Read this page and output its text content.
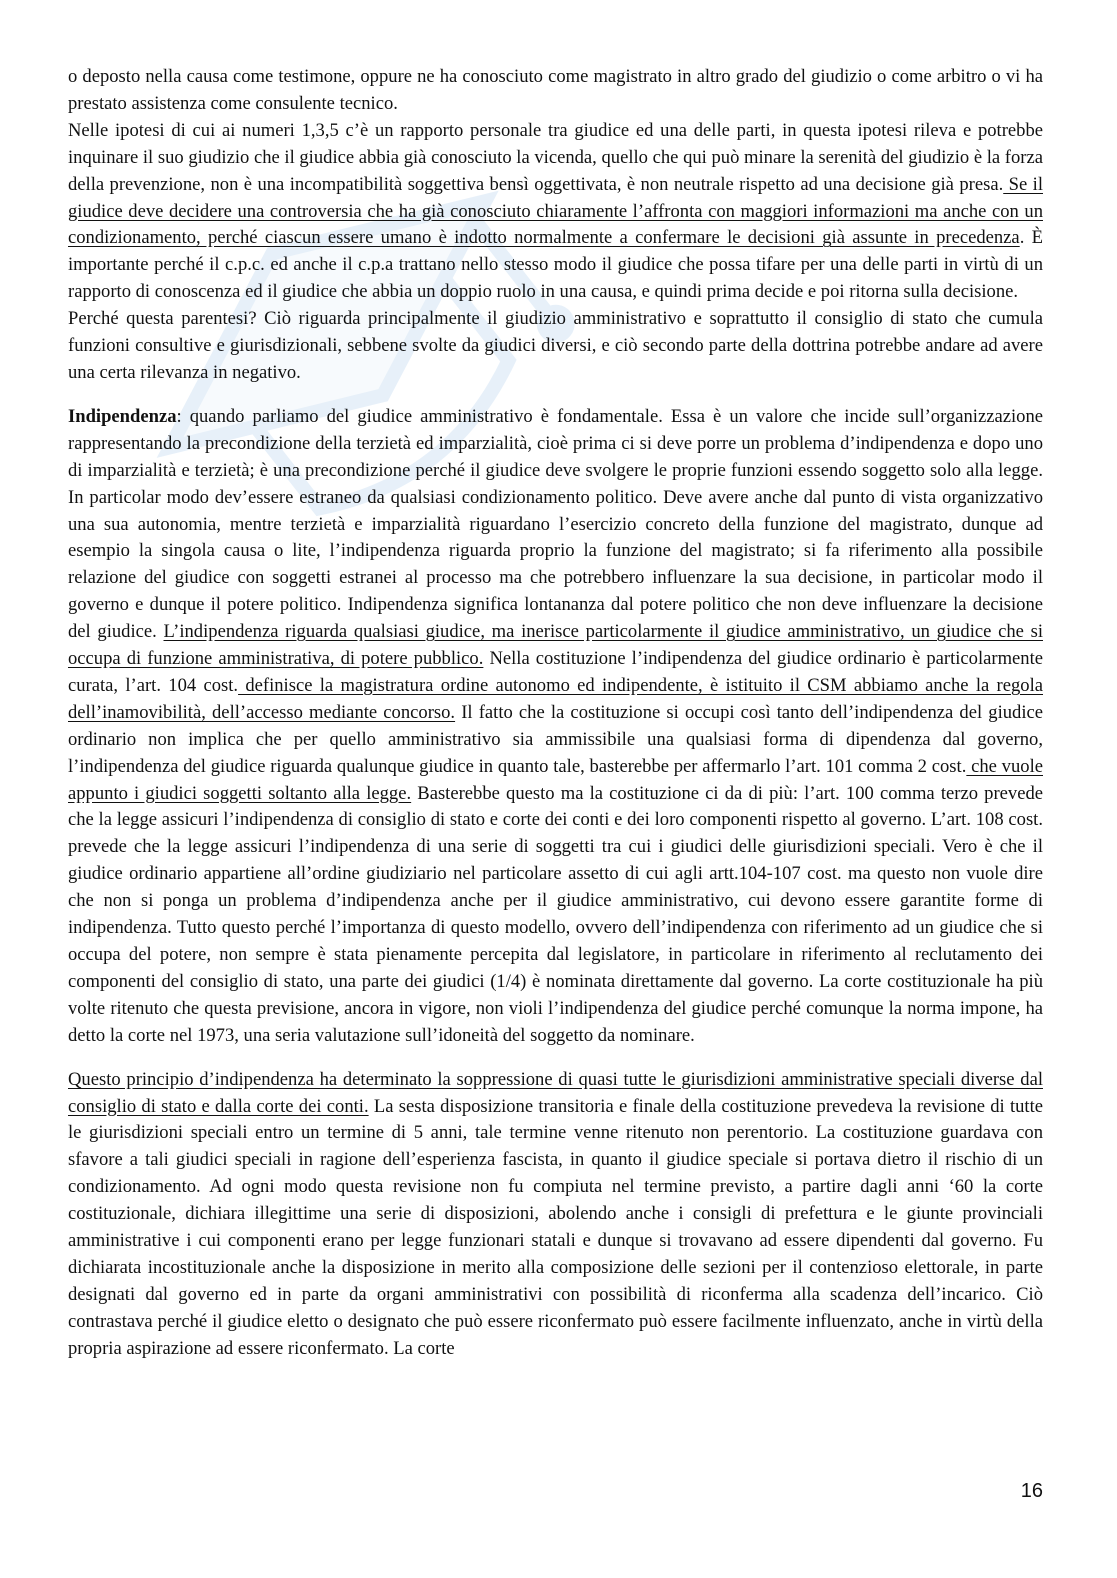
o deposto nella causa come testimone, oppure ne ha conosciuto come magistrato in altro grado del giudizio o come arbitro o vi ha prestato assistenza come consulente tecnico.

Nelle ipotesi di cui ai numeri 1,3,5 c’è un rapporto personale tra giudice ed una delle parti, in questa ipotesi rileva e potrebbe inquinare il suo giudizio che il giudice abbia già conosciuto la vicenda, quello che qui può minare la serenità del giudizio è la forza della prevenzione, non è una incompatibilità soggettiva bensì oggettivata, è non neutrale rispetto ad una decisione già presa. Se il giudice deve decidere una controversia che ha già conosciuto chiaramente l’affronta con maggiori informazioni ma anche con un condizionamento, perché ciascun essere umano è indotto normalmente a confermare le decisioni già assunte in precedenza. È importante perché il c.p.c. ed anche il c.p.a trattano nello stesso modo il giudice che possa tifare per una delle parti in virtù di un rapporto di conoscenza ed il giudice che abbia un doppio ruolo in una causa, e quindi prima decide e poi ritorna sulla decisione.

Perché questa parentesi? Ciò riguarda principalmente il giudizio amministrativo e soprattutto il consiglio di stato che cumula funzioni consultive e giurisdizionali, sebbene svolte da giudici diversi, e ciò secondo parte della dottrina potrebbe andare ad avere una certa rilevanza in negativo.

Indipendenza: quando parliamo del giudice amministrativo è fondamentale. Essa è un valore che incide sull’organizzazione rappresentando la precondizione della terzietà ed imparzialità, cioè prima ci si deve porre un problema d’indipendenza e dopo uno di imparzialità e terzietà; è una precondizione perché il giudice deve svolgere le proprie funzioni essendo soggetto solo alla legge. In particolar modo dev’essere estraneo da qualsiasi condizionamento politico. Deve avere anche dal punto di vista organizzativo una sua autonomia, mentre terzietà e imparzialità riguardano l’esercizio concreto della funzione del magistrato, dunque ad esempio la singola causa o lite, l’indipendenza riguarda proprio la funzione del magistrato; si fa riferimento alla possibile relazione del giudice con soggetti estranei al processo ma che potrebbero influenzare la sua decisione, in particolar modo il governo e dunque il potere politico. Indipendenza significa lontananza dal potere politico che non deve influenzare la decisione del giudice. L’indipendenza riguarda qualsiasi giudice, ma inerisce particolarmente il giudice amministrativo, un giudice che si occupa di funzione amministrativa, di potere pubblico. Nella costituzione l’indipendenza del giudice ordinario è particolarmente curata, l’art. 104 cost. definisce la magistratura ordine autonomo ed indipendente, è istituito il CSM abbiamo anche la regola dell’inamovibilità, dell’accesso mediante concorso. Il fatto che la costituzione si occupi così tanto dell’indipendenza del giudice ordinario non implica che per quello amministrativo sia ammissibile una qualsiasi forma di dipendenza dal governo, l’indipendenza del giudice riguarda qualunque giudice in quanto tale, basterebbe per affermarlo l’art. 101 comma 2 cost. che vuole appunto i giudici soggetti soltanto alla legge. Basterebbe questo ma la costituzione ci da di più: l’art. 100 comma terzo prevede che la legge assicuri l’indipendenza di consiglio di stato e corte dei conti e dei loro componenti rispetto al governo. L’art. 108 cost. prevede che la legge assicuri l’indipendenza di una serie di soggetti tra cui i giudici delle giurisdizioni speciali. Vero è che il giudice ordinario appartiene all’ordine giudiziario nel particolare assetto di cui agli artt.104-107 cost. ma questo non vuole dire che non si ponga un problema d’indipendenza anche per il giudice amministrativo, cui devono essere garantite forme di indipendenza. Tutto questo perché l’importanza di questo modello, ovvero dell’indipendenza con riferimento ad un giudice che si occupa del potere, non sempre è stata pienamente percepita dal legislatore, in particolare in riferimento al reclutamento dei componenti del consiglio di stato, una parte dei giudici (1/4) è nominata direttamente dal governo. La corte costituzionale ha più volte ritenuto che questa previsione, ancora in vigore, non violi l’indipendenza del giudice perché comunque la norma impone, ha detto la corte nel 1973, una seria valutazione sull’idoneità del soggetto da nominare.

Questo principio d’indipendenza ha determinato la soppressione di quasi tutte le giurisdizioni amministrative speciali diverse dal consiglio di stato e dalla corte dei conti. La sesta disposizione transitoria e finale della costituzione prevedeva la revisione di tutte le giurisdizioni speciali entro un termine di 5 anni, tale termine venne ritenuto non perentorio. La costituzione guardava con sfavore a tali giudici speciali in ragione dell’esperienza fascista, in quanto il giudice speciale si portava dietro il rischio di un condizionamento. Ad ogni modo questa revisione non fu compiuta nel termine previsto, a partire dagli anni ‘60 la corte costituzionale, dichiara illegittime una serie di disposizioni, abolendo anche i consigli di prefettura e le giunte provinciali amministrative i cui componenti erano per legge funzionari statali e dunque si trovavano ad essere dipendenti dal governo. Fu dichiarata incostituzionale anche la disposizione in merito alla composizione delle sezioni per il contenzioso elettorale, in parte designati dal governo ed in parte da organi amministrativi con possibilità di riconferma alla scadenza dell’incarico. Ciò contrastava perché il giudice eletto o designato che può essere riconfermato può essere facilmente influenzato, anche in virtù della propria aspirazione ad essere riconfermato. La corte

16
